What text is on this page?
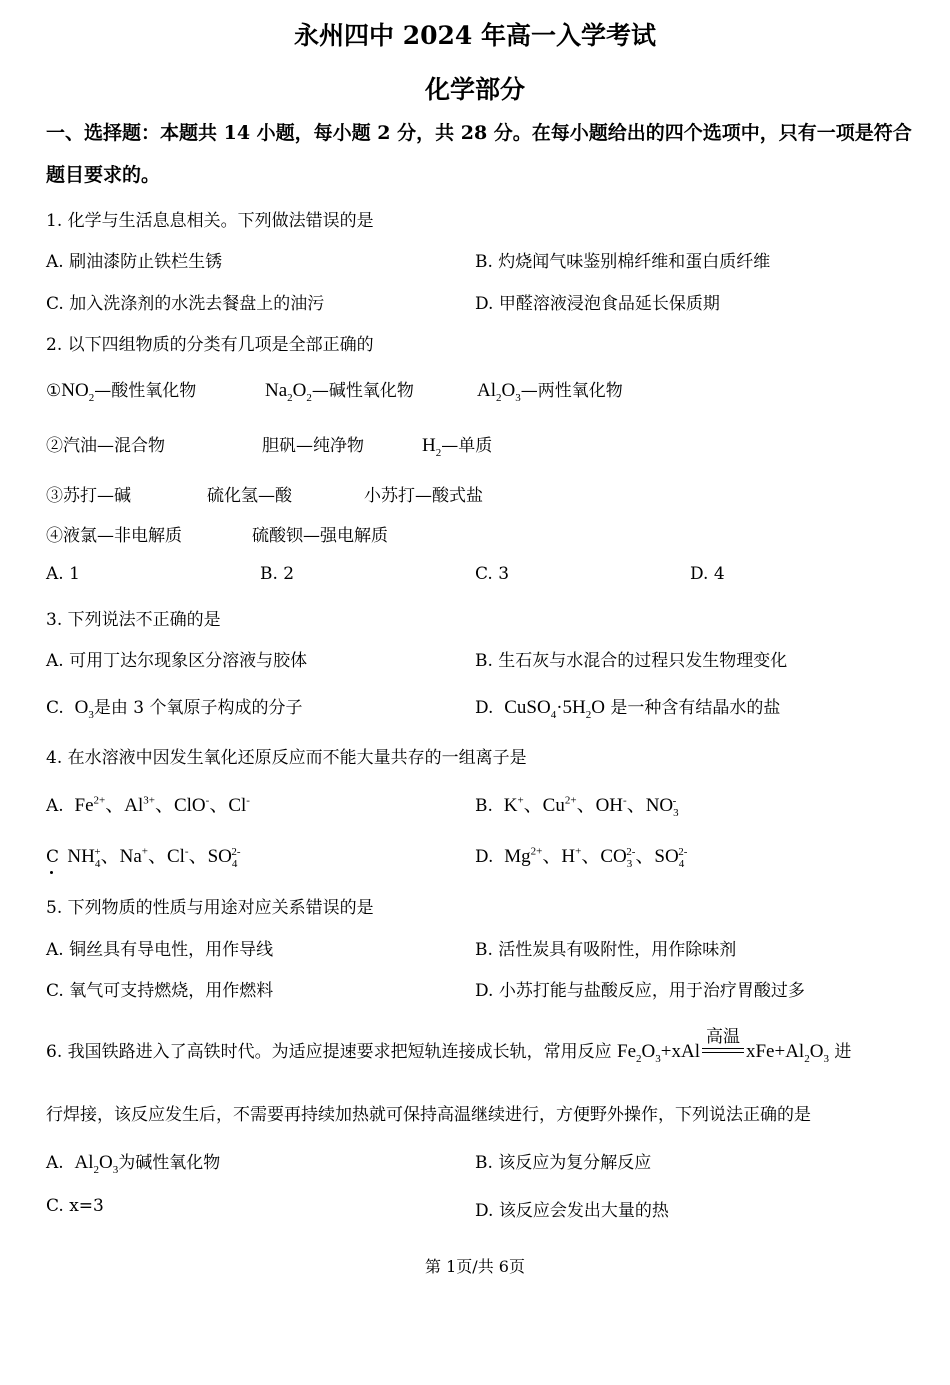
永州四中 2024 年高一入学考试
化学部分
一、选择题：本题共 14 小题，每小题 2 分，共 28 分。在每小题给出的四个选项中，只有一项是符合题目要求的。
1. 化学与生活息息相关。下列做法错误的是
A. 刷油漆防止铁栏生锈	B. 灼烧闻气味鉴别棉纤维和蛋白质纤维
C. 加入洗涤剂的水洗去餐盘上的油污	D. 甲醛溶液浸泡食品延长保质期
2. 以下四组物质的分类有几项是全部正确的
$①NO_2—$酸性氧化物	$Na_2O_2—$碱性氧化物	$Al_2O_3—$两性氧化物
②汽油—混合物	胆矾—纯净物	$H_2—$单质
③苏打—碱	硫化氢—酸	小苏打—酸式盐
④液氯—非电解质	硫酸钡—强电解质
A. 1	B. 2	C. 3	D. 4
3. 下列说法不正确的是
A. 可用丁达尔现象区分溶液与胶体	B. 生石灰与水混合的过程只发生物理变化
C. $O_3$是由 3 个氧原子构成的分子	D. $CuSO_4\cdot 5H_2O$ 是一种含有结晶水的盐
4. 在水溶液中因发生氧化还原反应而不能大量共存的一组离子是
A. $Fe^{2+}$、$Al^{3+}$、ClO-、Cl-	B. K+、$Cu^{2+}$、OH-、$NO_3^-$
C $NH_4^+$、Na+、Cl-、$SO_4^{2-}$	D. $Mg^{2+}$、H+、$CO_3^{2-}$、$SO_4^{2-}$
5. 下列物质的性质与用途对应关系错误的是
A. 铜丝具有导电性，用作导线	B. 活性炭具有吸附性，用作除味剂
C. 氧气可支持燃烧，用作燃料	D. 小苏打能与盐酸反应，用于治疗胃酸过多
6. 我国铁路进入了高铁时代。为适应提速要求把短轨连接成长轨，常用反应 $Fe_2O_3+xAl$
高温
$xFe+Al_2O_3$ 进
行焊接，该反应发生后，不需要再持续加热就可保持高温继续进行，方便野外操作，下列说法正确的是
A. $Al_2O_3$为碱性氧化物	B. 该反应为复分解反应
C. x=3	D. 该反应会发出大量的热
第 1页/共 6页
